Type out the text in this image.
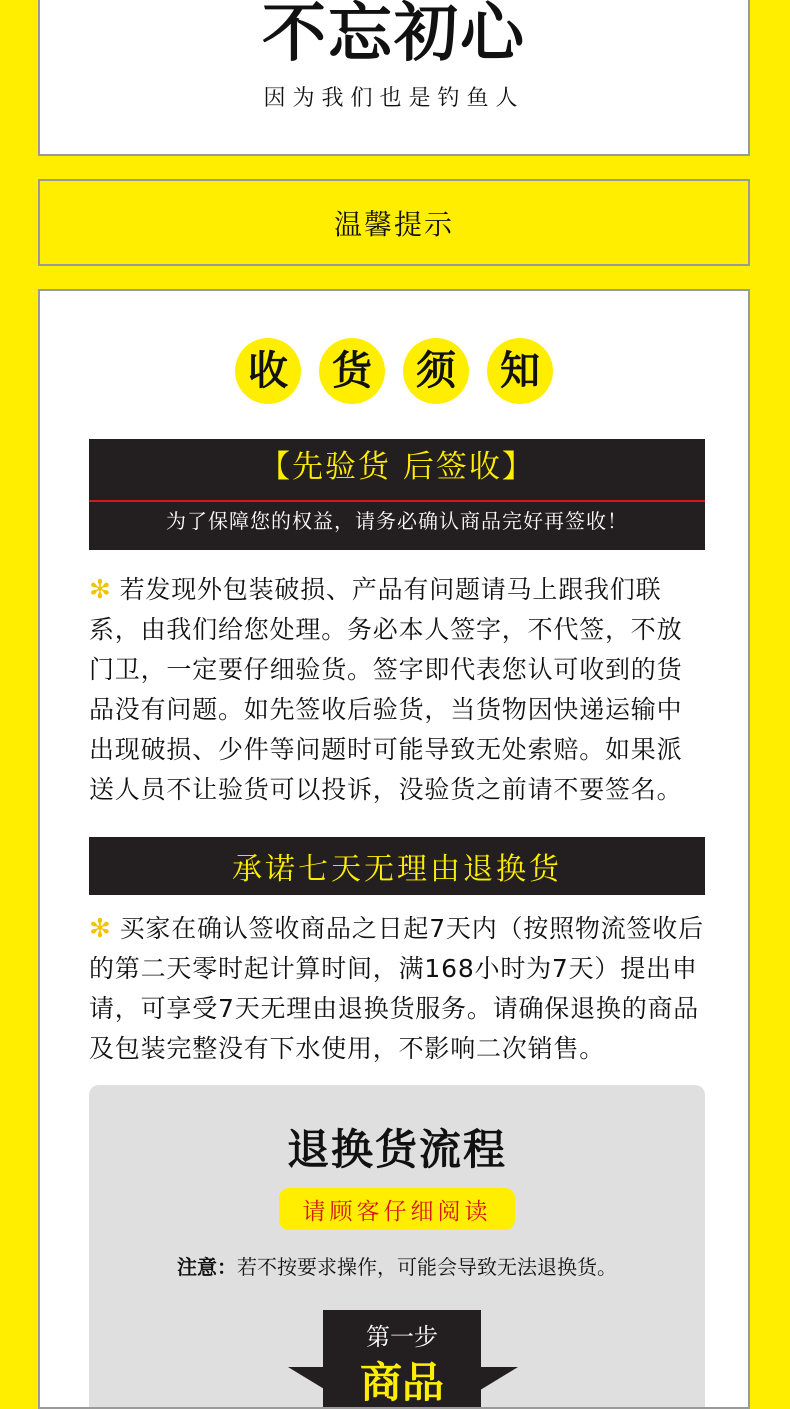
不忘初心
因为我们也是钓鱼人
温馨提示
收	货	须	知
【先验货 后签收】
为了保障您的权益，请务必确认商品完好再签收！
✻ 若发现外包装破损、产品有问题请马上跟我们联系，由我们给您处理。务必本人签字，不代签，不放门卫，一定要仔细验货。签字即代表您认可收到的货品没有问题。如先签收后验货，当货物因快递运输中出现破损、少件等问题时可能导致无处索赔。如果派送人员不让验货可以投诉，没验货之前请不要签名。
承诺七天无理由退换货
✻ 买家在确认签收商品之日起7天内（按照物流签收后的第二天零时起计算时间，满168小时为7天）提出申请，可享受7天无理由退换货服务。请确保退换的商品及包装完整没有下水使用，不影响二次销售。
退换货流程
请顾客仔细阅读
注意：若不按要求操作，可能会导致无法退换货。
第一步
商品
